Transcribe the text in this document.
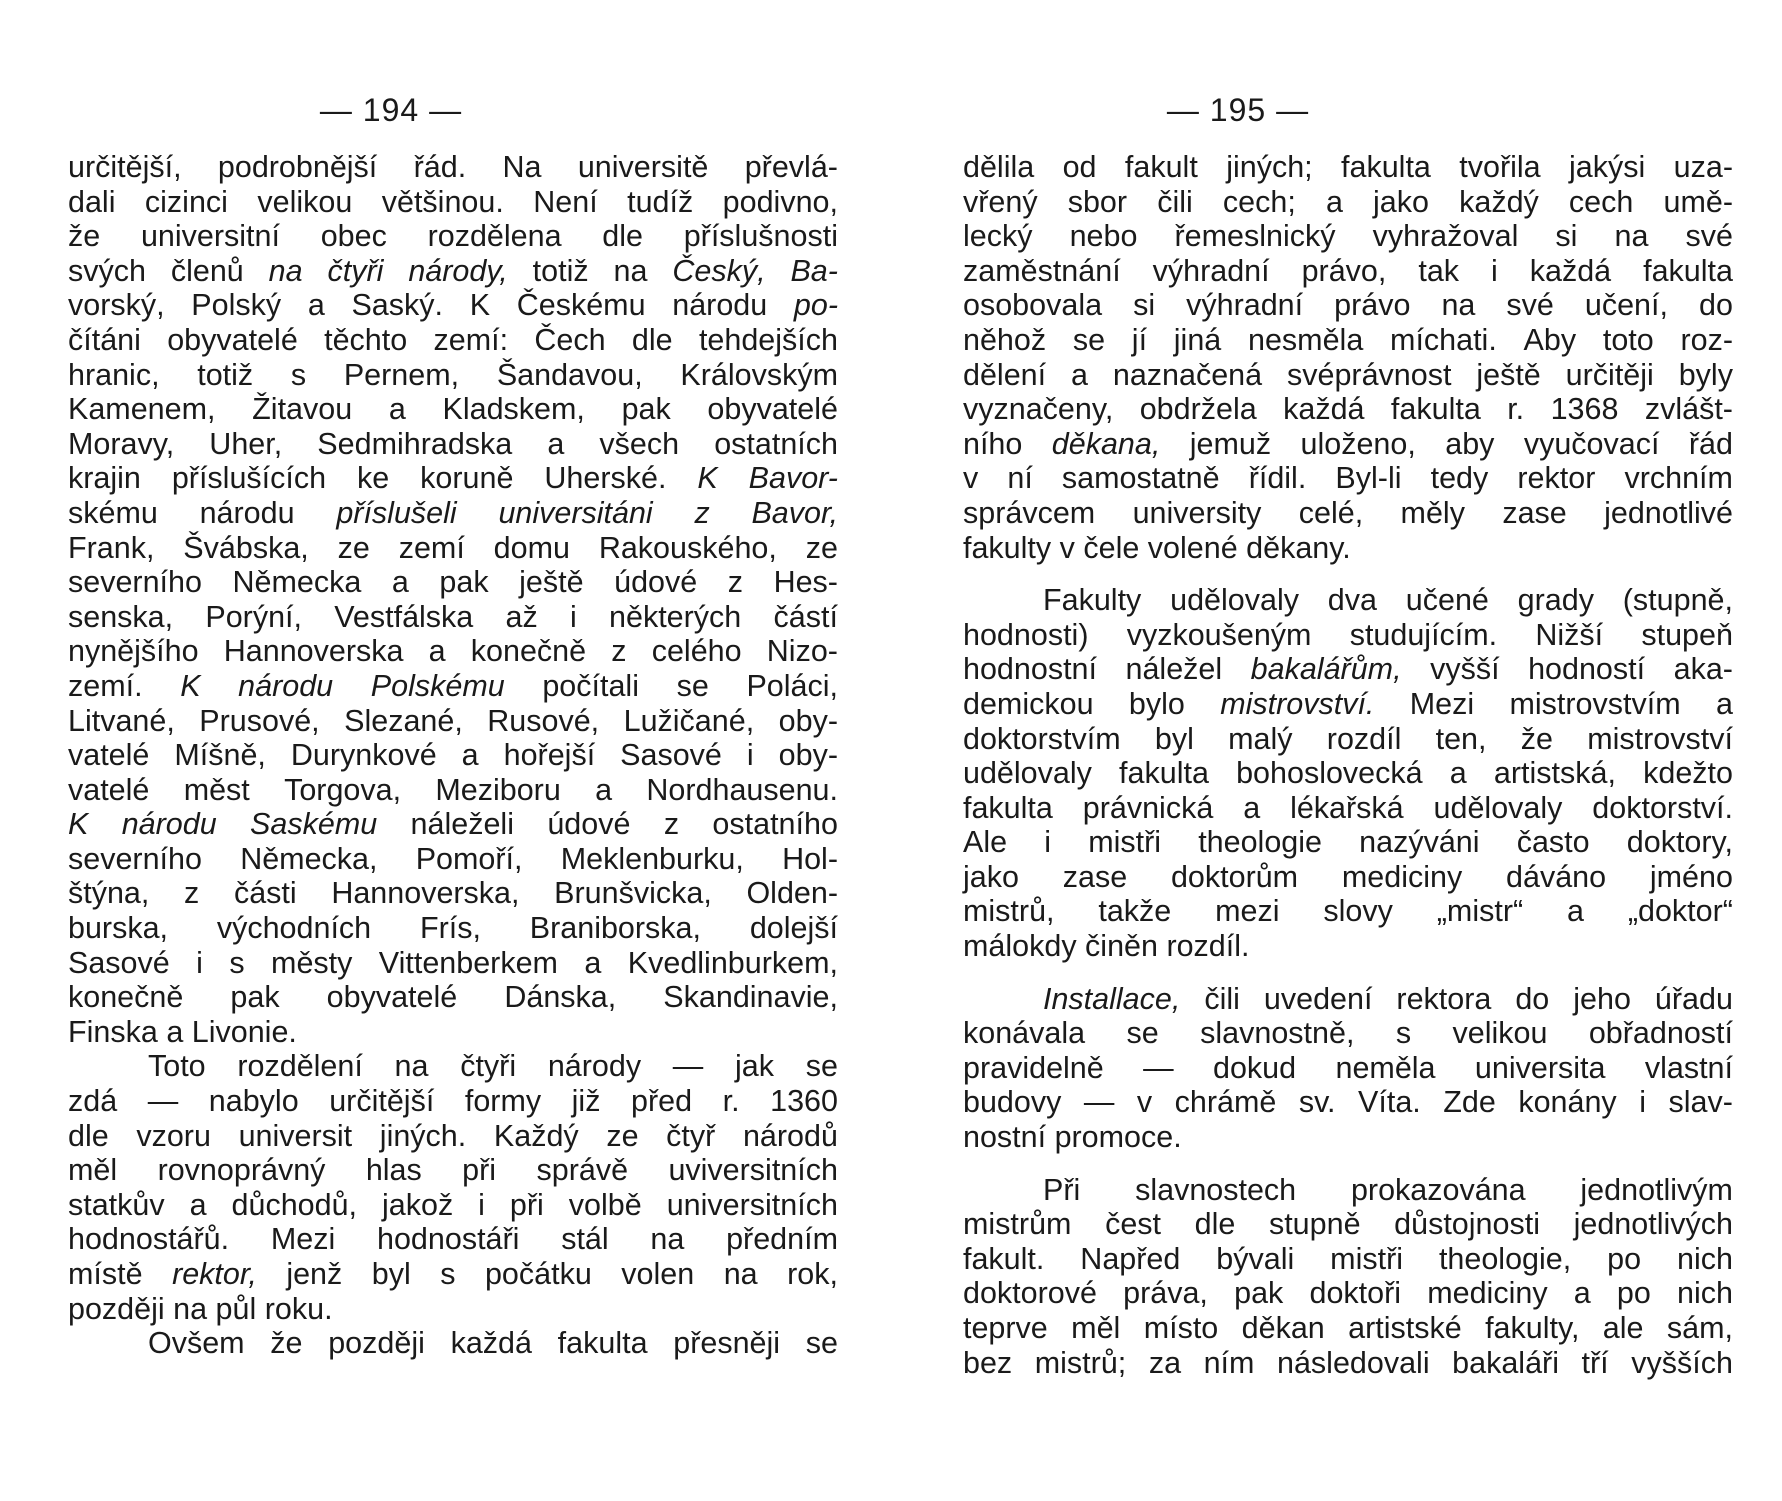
— 194 —
určitější, podrobnější řád. Na universitě převlá-
dali cizinci velikou většinou. Není tudíž podivno,
že universitní obec rozdělena dle příslušnosti
svých členů na čtyři národy, totiž na Český, Ba-
vorský, Polský a Saský. K Českému národu po-
čítáni obyvatelé těchto zemí: Čech dle tehdejších
hranic, totiž s Pernem, Šandavou, Královským
Kamenem, Žitavou a Kladskem, pak obyvatelé
Moravy, Uher, Sedmihradska a všech ostatních
krajin příslušících ke koruně Uherské. K Bavor-
skému národu příslušeli universitáni z Bavor,
Frank, Švábska, ze zemí domu Rakouského, ze
severního Německa a pak ještě údové z Hes-
senska, Porýní, Vestfálska až i některých částí
nynějšího Hannoverska a konečně z celého Nizo-
zemí. K národu Polskému počítali se Poláci,
Litvané, Prusové, Slezané, Rusové, Lužičané, oby-
vatelé Míšně, Durynkové a hořejší Sasové i oby-
vatelé měst Torgova, Meziboru a Nordhausenu.
K národu Saskému náleželi údové z ostatního
severního Německa, Pomoří, Meklenburku, Hol-
štýna, z části Hannoverska, Brunšvicka, Olden-
burska, východních Frís, Braniborska, dolejší
Sasové i s městy Vittenberkem a Kvedlinburkem,
konečně pak obyvatelé Dánska, Skandinavie,
Finska a Livonie.
Toto rozdělení na čtyři národy — jak se
zdá — nabylo určitější formy již před r. 1360
dle vzoru universit jiných. Každý ze čtyř národů
měl rovnoprávný hlas při správě uviversitních
statkův a důchodů, jakož i při volbě universitních
hodnostářů. Mezi hodnostáři stál na předním
místě rektor, jenž byl s počátku volen na rok,
později na půl roku.
Ovšem že později každá fakulta přesněji se
— 195 —
dělila od fakult jiných; fakulta tvořila jakýsi uza-
vřený sbor čili cech; a jako každý cech umě-
lecký nebo řemeslnický vyhražoval si na své
zaměstnání výhradní právo, tak i každá fakulta
osobovala si výhradní právo na své učení, do
něhož se jí jiná nesměla míchati. Aby toto roz-
dělení a naznačená svéprávnost ještě určitěji byly
vyznačeny, obdržela každá fakulta r. 1368 zvlášt-
ního děkana, jemuž uloženo, aby vyučovací řád
v ní samostatně řídil. Byl-li tedy rektor vrchním
správcem university celé, měly zase jednotlivé
fakulty v čele volené děkany.
Fakulty udělovaly dva učené grady (stupně,
hodnosti) vyzkoušeným studujícím. Nižší stupeň
hodnostní náležel bakalářům, vyšší hodností aka-
demickou bylo mistrovství. Mezi mistrovstvím a
doktorstvím byl malý rozdíl ten, že mistrovství
udělovaly fakulta bohoslovecká a artistská, kdežto
fakulta právnická a lékařská udělovaly doktorství.
Ale i mistři theologie nazýváni často doktory,
jako zase doktorům mediciny dáváno jméno
mistrů, takže mezi slovy „mistr“ a „doktor“
málokdy činěn rozdíl.
Installace, čili uvedení rektora do jeho úřadu
konávala se slavnostně, s velikou obřadností
pravidelně — dokud neměla universita vlastní
budovy — v chrámě sv. Víta. Zde konány i slav-
nostní promoce.
Při slavnostech prokazována jednotlivým
mistrům čest dle stupně důstojnosti jednotlivých
fakult. Napřed bývali mistři theologie, po nich
doktorové práva, pak doktoři mediciny a po nich
teprve měl místo děkan artistské fakulty, ale sám,
bez mistrů; za ním následovali bakaláři tří vyšších
